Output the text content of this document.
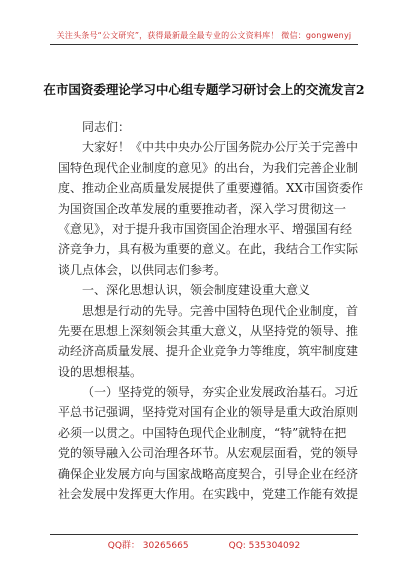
关注头条号“公文研究”，获得最新最全最专业的公文资料库！ 微信：gongwenyj
在市国资委理论学习中心组专题学习研讨会上的交流发言2
同志们：
大家好！《中共中央办公厅国务院办公厅关于完善中
国特色现代企业制度的意见》的出台，为我们完善企业制
度、推动企业高质量发展提供了重要遵循。XX市国资委作
为国资国企改革发展的重要推动者，深入学习贯彻这一
《意见》，对于提升我市国资国企治理水平、增强国有经
济竞争力，具有极为重要的意义。在此，我结合工作实际
谈几点体会，以供同志们参考。
一、深化思想认识，领会制度建设重大意义
思想是行动的先导。完善中国特色现代企业制度，首
先要在思想上深刻领会其重大意义，从坚持党的领导、推
动经济高质量发展、提升企业竞争力等维度，筑牢制度建
设的思想根基。
（一）坚持党的领导，夯实企业发展政治基石。习近
平总书记强调，坚持党对国有企业的领导是重大政治原则
必须一以贯之。中国特色现代企业制度，“特”就特在把
党的领导融入公司治理各环节。从宏观层面看，党的领导
确保企业发展方向与国家战略高度契合，引导企业在经济
社会发展中发挥更大作用。在实践中，党建工作能有效提
QQ群： 30265665	QQ: 535304092
